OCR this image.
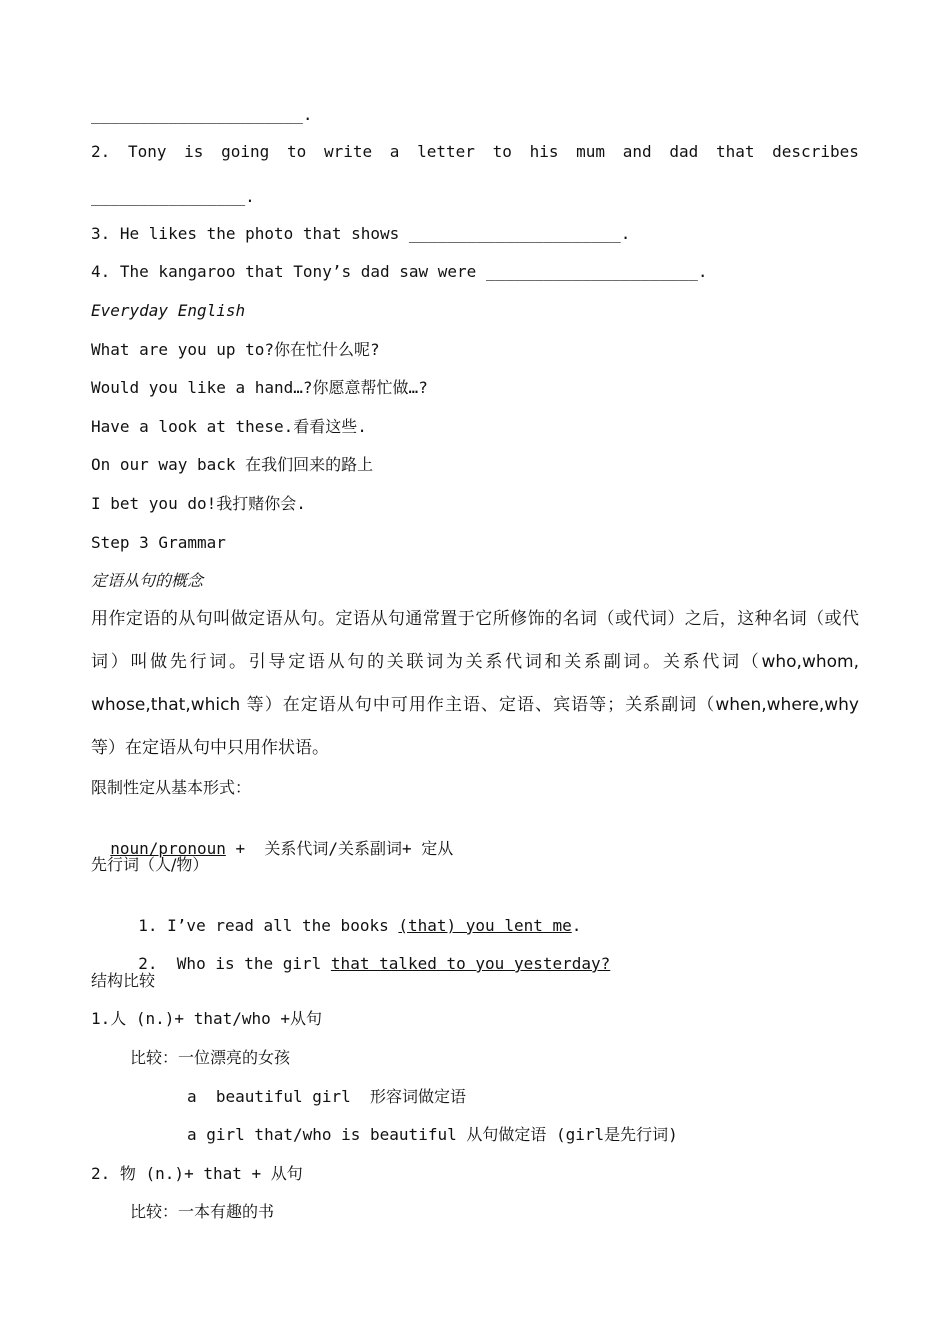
______________________.
2. Tony is going to write a letter to his mum and dad that describes
________________.
3. He likes the photo that shows ______________________.
4. The kangaroo that Tony’s dad saw were ______________________.
Everyday English
What are you up to?你在忙什么呢?
Would you like a hand…?你愿意帮忙做…?
Have a look at these.看看这些.
On our way back 在我们回来的路上
I bet you do!我打赌你会.
Step 3 Grammar
定语从句的概念
用作定语的从句叫做定语从句。定语从句通常置于它所修饰的名词（或代词）之后，这种名词（或代词）叫做先行词。引导定语从句的关联词为关系代词和关系副词。关系代词（who,whom, whose,that,which 等）在定语从句中可用作主语、定语、宾语等；关系副词（when,where,why 等）在定语从句中只用作状语。
限制性定从基本形式：

noun/pronoun +  关系代词/关系副词+ 定从

先行词（人/物）

1. I’ve read all the books (that) you lent me.

2.  Who is the girl that talked to you yesterday?

结构比较
1.人 (n.)+ that/who +从句
比较：一位漂亮的女孩
a  beautiful girl  形容词做定语
a girl that/who is beautiful 从句做定语 (girl是先行词)
2. 物 (n.)+ that + 从句
比较：一本有趣的书
